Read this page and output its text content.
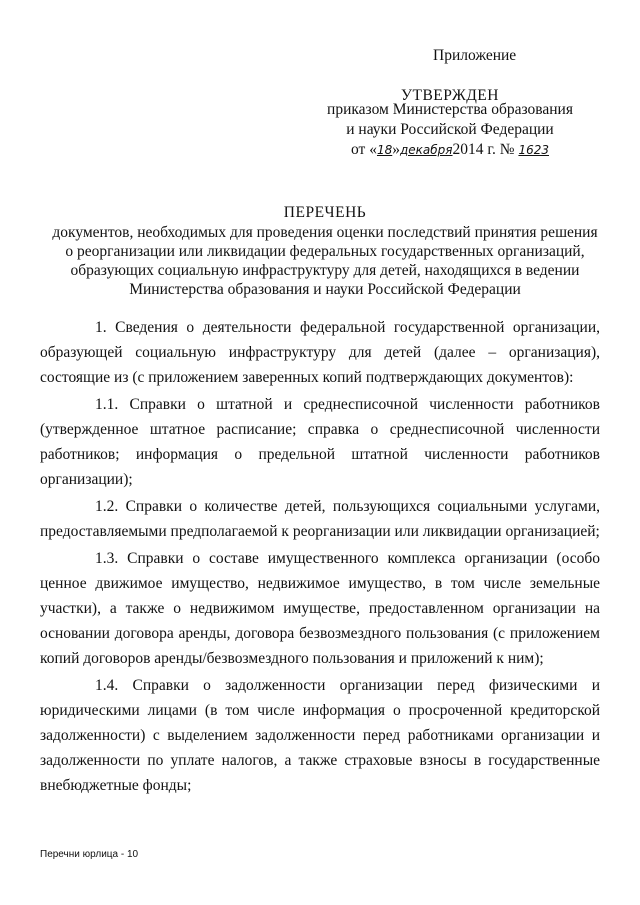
Приложение
УТВЕРЖДЕН
приказом Министерства образования
и науки Российской Федерации
от «18»декабря2014 г. № 1623
ПЕРЕЧЕНЬ
документов, необходимых для проведения оценки последствий принятия решения
о реорганизации или ликвидации федеральных государственных организаций,
образующих социальную инфраструктуру для детей, находящихся в ведении
Министерства образования и науки Российской Федерации

1. Сведения о деятельности федеральной государственной организации, образующей социальную инфраструктуру для детей (далее – организация), состоящие из (с приложением заверенных копий подтверждающих документов):

1.1. Справки о штатной и среднесписочной численности работников (утвержденное штатное расписание; справка о среднесписочной численности работников; информация о предельной штатной численности работников организации);

1.2. Справки о количестве детей, пользующихся социальными услугами, предоставляемыми предполагаемой к реорганизации или ликвидации организацией;

1.3. Справки о составе имущественного комплекса организации (особо ценное движимое имущество, недвижимое имущество, в том числе земельные участки), а также о недвижимом имуществе, предоставленном организации на основании договора аренды, договора безвозмездного пользования (с приложением копий договоров аренды/безвозмездного пользования и приложений к ним);

1.4. Справки о задолженности организации перед физическими и юридическими лицами (в том числе информация о просроченной кредиторской задолженности) с выделением задолженности перед работниками организации и задолженности по уплате налогов, а также страховые взносы в государственные внебюджетные фонды;

Перечни юрлица - 10
